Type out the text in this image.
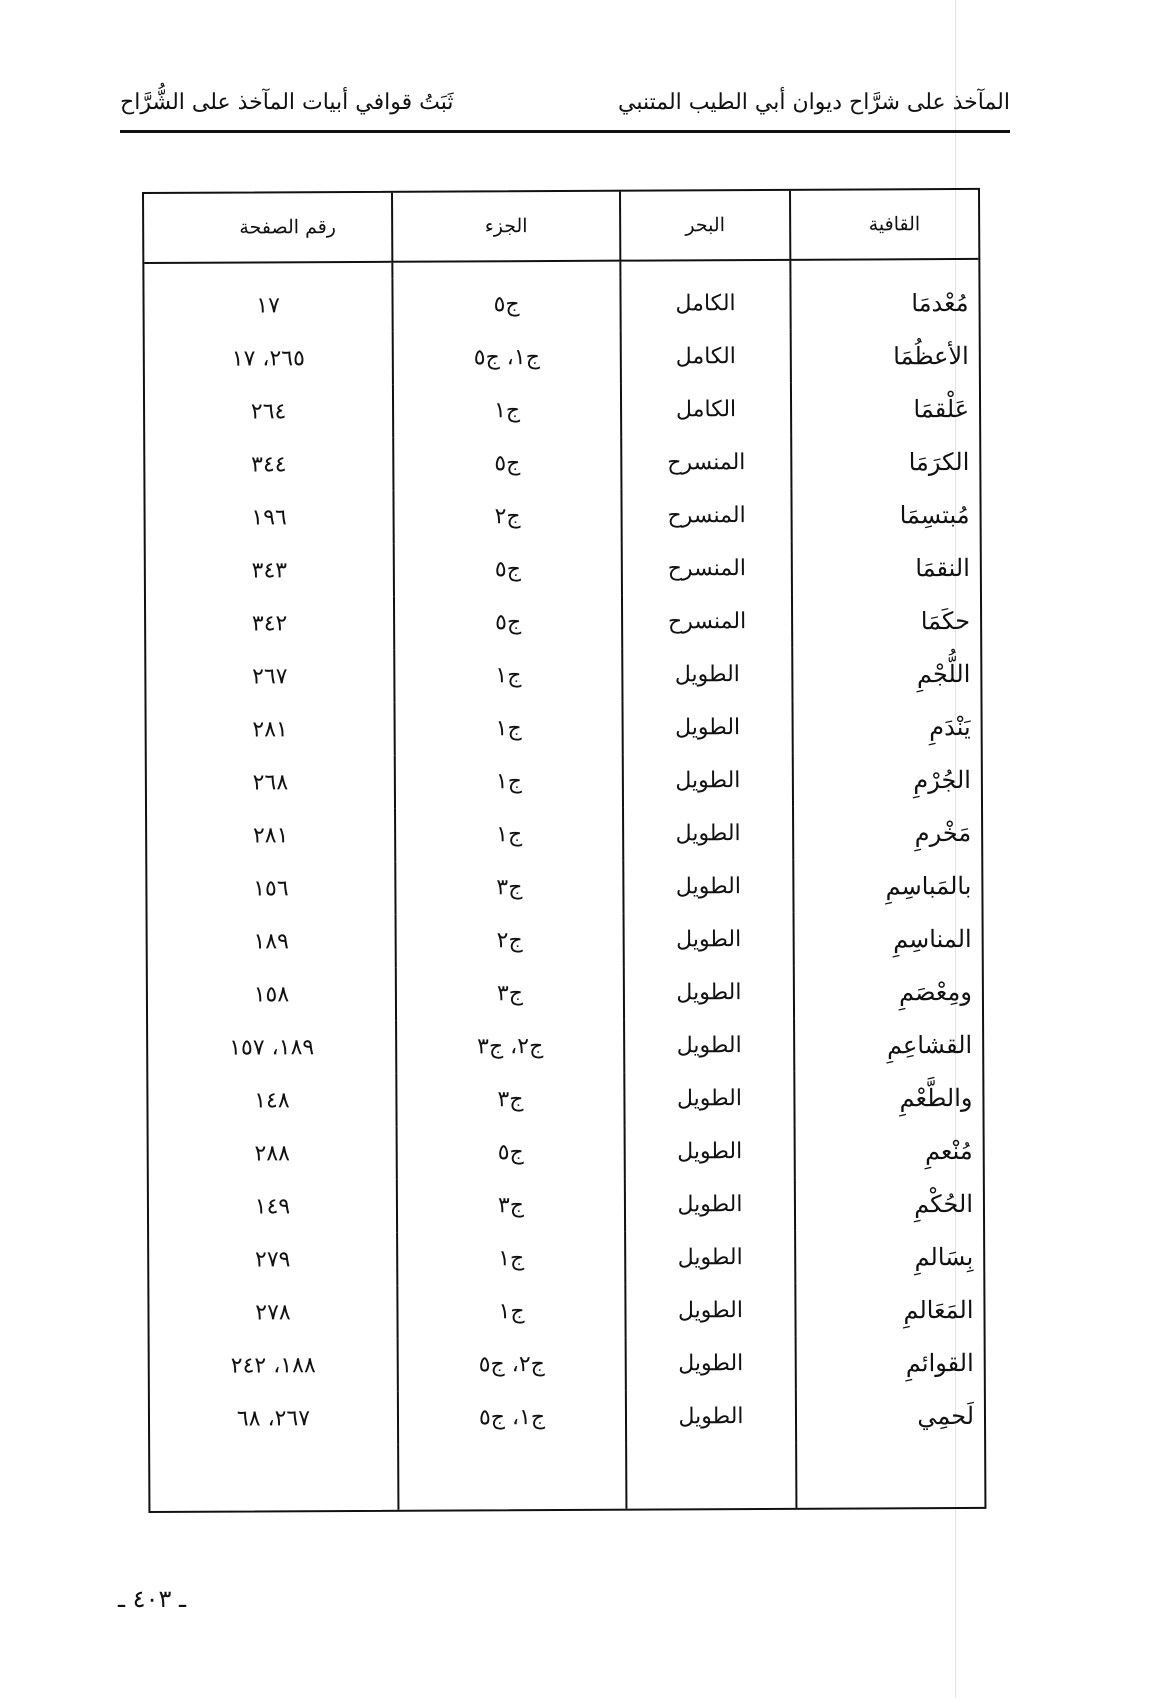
المآخذ على شرَّاح ديوان أبي الطيب المتنبي
ثَبَتُ قوافي أبيات المآخذ على الشُّرَّاح
القافية	البحر	الجزء	رقم الصفحة

مُعْدمَا	الكامل	ج٥	١٧
الأعظُمَا	الكامل	ج١، ج٥	٢٦٥، ١٧
عَلْقمَا	الكامل	ج١	٢٦٤
الكرَمَا	المنسرح	ج٥	٣٤٤
مُبتسِمَا	المنسرح	ج٢	١٩٦
النقمَا	المنسرح	ج٥	٣٤٣
حكَمَا	المنسرح	ج٥	٣٤٢
اللُّجْمِ	الطويل	ج١	٢٦٧
يَنْدَمِ	الطويل	ج١	٢٨١
الجُرْمِ	الطويل	ج١	٢٦٨
مَخْرمِ	الطويل	ج١	٢٨١
بالمَباسِمِ	الطويل	ج٣	١٥٦
المناسِمِ	الطويل	ج٢	١٨٩
ومِعْصَمِ	الطويل	ج٣	١٥٨
القشاعِمِ	الطويل	ج٢، ج٣	١٨٩، ١٥٧
والطَّعْمِ	الطويل	ج٣	١٤٨
مُنْعمِ	الطويل	ج٥	٢٨٨
الحُكْمِ	الطويل	ج٣	١٤٩
بِسَالمِ	الطويل	ج١	٢٧٩
المَعَالمِ	الطويل	ج١	٢٧٨
القوائمِ	الطويل	ج٢، ج٥	١٨٨، ٢٤٢
لَحمِي	الطويل	ج١، ج٥	٢٦٧، ٦٨

ـ ٤٠٣ ـ
